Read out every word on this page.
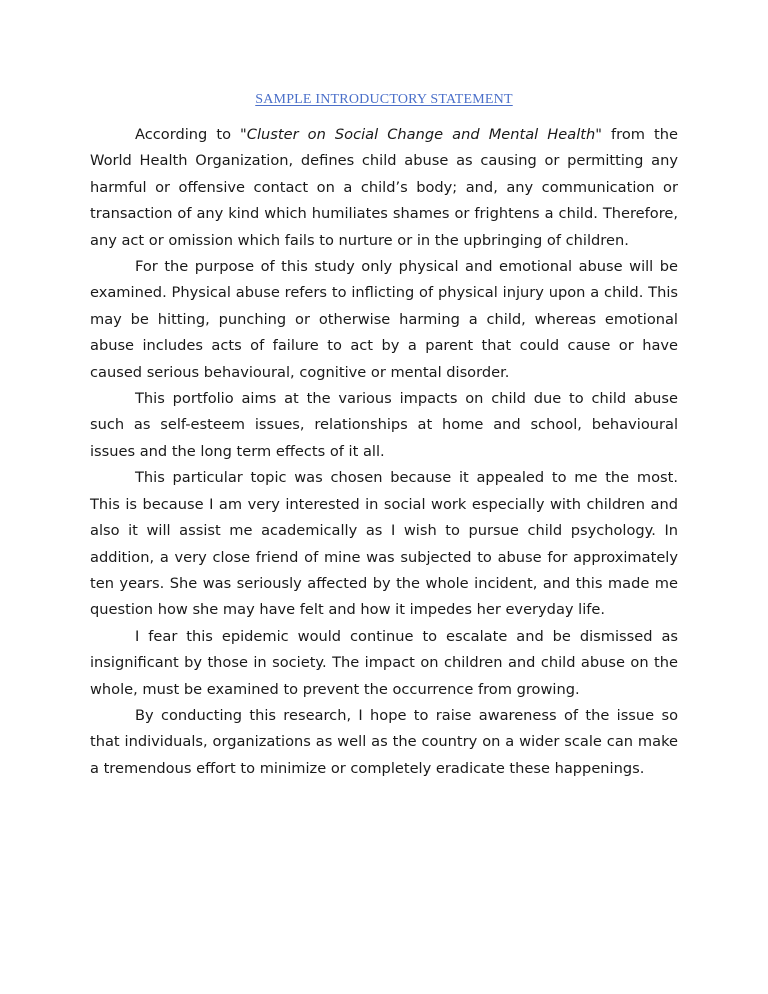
SAMPLE INTRODUCTORY STATEMENT

According to "Cluster on Social Change and Mental Health" from the World Health Organization, defines child abuse as causing or permitting any harmful or offensive contact on a child’s body; and, any communication or transaction of any kind which humiliates shames or frightens a child. Therefore, any act or omission which fails to nurture or in the upbringing of children.

For the purpose of this study only physical and emotional abuse will be examined. Physical abuse refers to inflicting of physical injury upon a child. This may be hitting, punching or otherwise harming a child, whereas emotional abuse includes acts of failure to act by a parent that could cause or have caused serious behavioural, cognitive or mental disorder.

This portfolio aims at the various impacts on child due to child abuse such as self-esteem issues, relationships at home and school, behavioural issues and the long term effects of it all.

This particular topic was chosen because it appealed to me the most. This is because I am very interested in social work especially with children and also it will assist me academically as I wish to pursue child psychology. In addition, a very close friend of mine was subjected to abuse for approximately ten years. She was seriously affected by the whole incident, and this made me question how she may have felt and how it impedes her everyday life.

I fear this epidemic would continue to escalate and be dismissed as insignificant by those in society. The impact on children and child abuse on the whole, must be examined to prevent the occurrence from growing.

By conducting this research, I hope to raise awareness of the issue so that individuals, organizations as well as the country on a wider scale can make a tremendous effort to minimize or completely eradicate these happenings.
